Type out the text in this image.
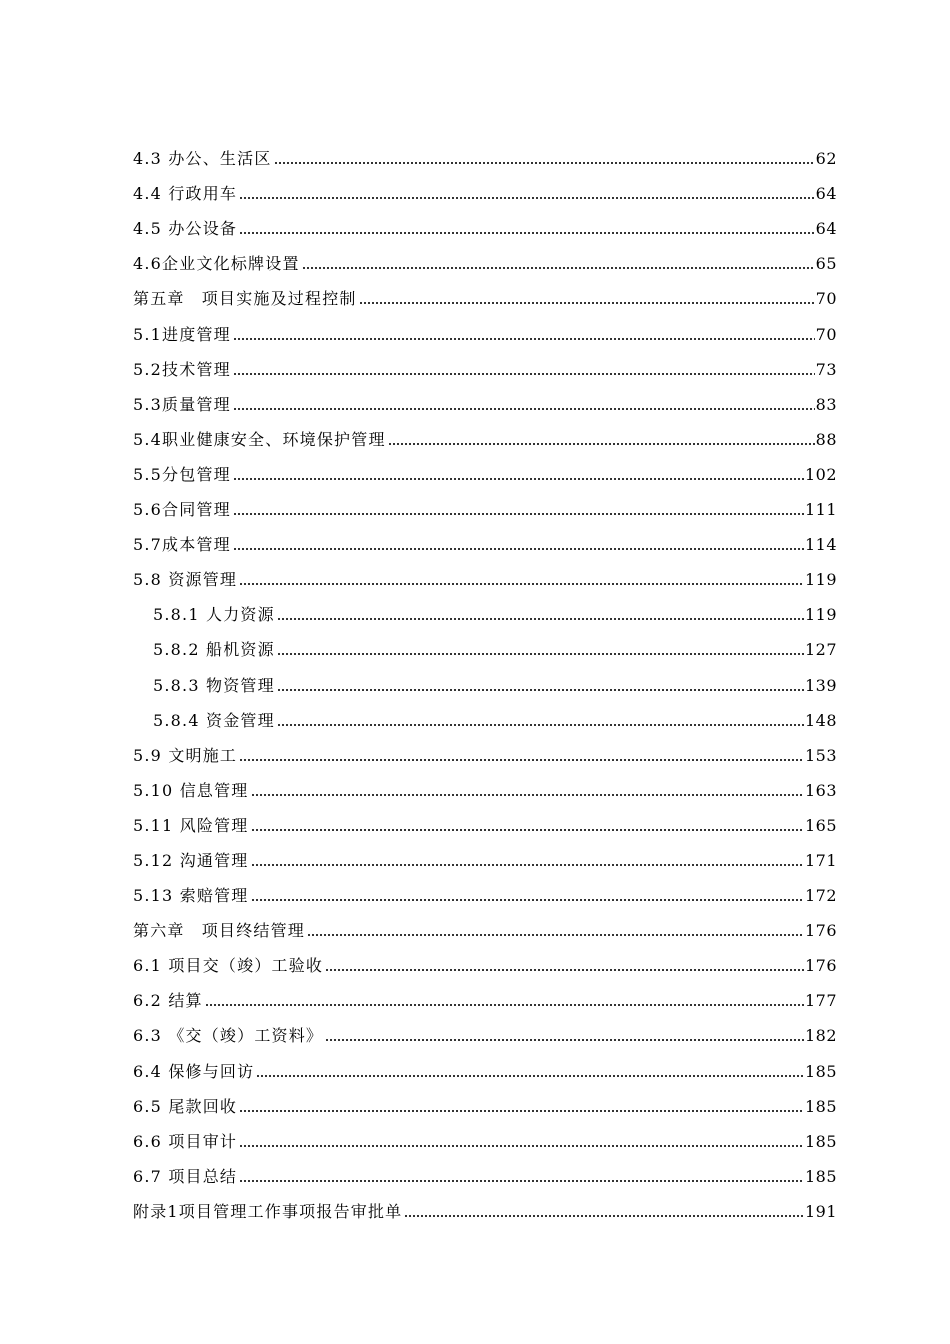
4.3 办公、生活区	62
4.4 行政用车	64
4.5 办公设备	64
4.6企业文化标牌设置	65
第五章　项目实施及过程控制	70
5.1进度管理	70
5.2技术管理	73
5.3质量管理	83
5.4职业健康安全、环境保护管理	88
5.5分包管理	102
5.6合同管理	111
5.7成本管理	114
5.8 资源管理	119
5.8.1 人力资源	119
5.8.2 船机资源	127
5.8.3 物资管理	139
5.8.4 资金管理	148
5.9 文明施工	153
5.10 信息管理	163
5.11 风险管理	165
5.12 沟通管理	171
5.13 索赔管理	172
第六章　项目终结管理	176
6.1 项目交（竣）工验收	176
6.2 结算	177
6.3 《交（竣）工资料》	182
6.4 保修与回访	185
6.5 尾款回收	185
6.6 项目审计	185
6.7 项目总结	185
附录1项目管理工作事项报告审批单	191
